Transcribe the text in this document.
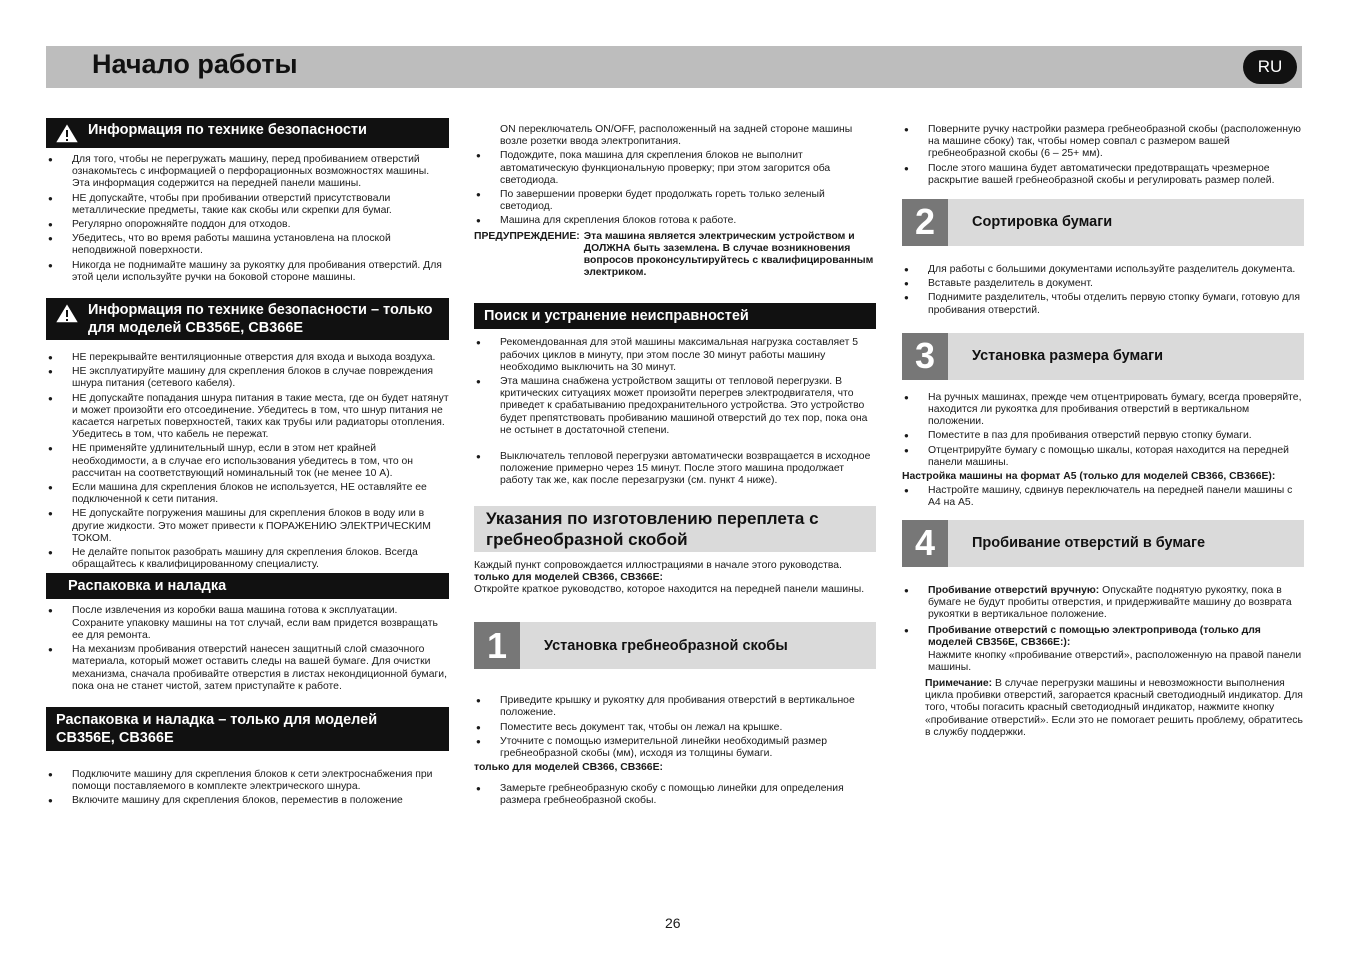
Начало работы	RU
Информация по технике безопасности
● Для того, чтобы не перегружать машину, перед пробиванием отверстий ознакомьтесь с информацией о перфорационных возможностях машины. Эта информация содержится на передней панели машины.
● НЕ допускайте, чтобы при пробивании отверстий присутствовали металлические предметы, такие как скобы или скрепки для бумаг.
● Регулярно опорожняйте поддон для отходов.
● Убедитесь, что во время работы машина установлена на плоской неподвижной поверхности.
● Никогда не поднимайте машину за рукоятку для пробивания отверстий. Для этой цели используйте ручки на боковой стороне машины.
Информация по технике безопасности – только для моделей CB356E, CB366E
● НЕ перекрывайте вентиляционные отверстия для входа и выхода воздуха.
● НЕ эксплуатируйте машину для скрепления блоков в случае повреждения шнура питания (сетевого кабеля).
● НЕ допускайте попадания шнура питания в такие места, где он будет натянут и может произойти его отсоединение. Убедитесь в том, что шнур питания не касается нагретых поверхностей, таких как трубы или радиаторы отопления. Убедитесь в том, что кабель не пережат.
● НЕ применяйте удлинительный шнур, если в этом нет крайней необходимости, а в случае его использования убедитесь в том, что он рассчитан на соответствующий номинальный ток (не менее 10 А).
● Если машина для скрепления блоков не используется, НЕ оставляйте ее подключенной к сети питания.
● НЕ допускайте погружения машины для скрепления блоков в воду или в другие жидкости. Это может привести к ПОРАЖЕНИЮ ЭЛЕКТРИЧЕСКИМ ТОКОМ.
● Не делайте попыток разобрать машину для скрепления блоков. Всегда обращайтесь к квалифицированному специалисту.
Распаковка и наладка
● После извлечения из коробки ваша машина готова к эксплуатации. Сохраните упаковку машины на тот случай, если вам придется возвращать ее для ремонта.
● На механизм пробивания отверстий нанесен защитный слой смазочного материала, который может оставить следы на вашей бумаге. Для очистки механизма, сначала пробивайте отверстия в листах некондиционной бумаги, пока она не станет чистой, затем приступайте к работе.
Распаковка и наладка – только для моделей CB356E, CB366E
● Подключите машину для скрепления блоков к сети электроснабжения при помощи поставляемого в комплекте электрического шнура.
● Включите машину для скрепления блоков, переместив в положение

ON переключатель ON/OFF, расположенный на задней стороне машины возле розетки ввода электропитания.

● Подождите, пока машина для скрепления блоков не выполнит автоматическую функциональную проверку; при этом загорится оба светодиода.
● По завершении проверки будет продолжать гореть только зеленый светодиод.
● Машина для скрепления блоков готова к работе.
ПРЕДУПРЕЖДЕНИЕ: Эта машина является электрическим устройством и ДОЛЖНА быть заземлена. В случае возникновения вопросов проконсультируйтесь с квалифицированным электриком.
Поиск и устранение неисправностей
● Рекомендованная для этой машины максимальная нагрузка составляет 5 рабочих циклов в минуту, при этом после 30 минут работы машину необходимо выключить на 30 минут.
● Эта машина снабжена устройством защиты от тепловой перегрузки. В критических ситуациях может произойти перегрев электродвигателя, что приведет к срабатыванию предохранительного устройства. Это устройство будет препятствовать пробиванию машиной отверстий до тех пор, пока она не остынет в достаточной степени.
● Выключатель тепловой перегрузки автоматически возвращается в исходное положение примерно через 15 минут. После этого машина продолжает работу так же, как после перезагрузки (см. пункт 4 ниже).
Указания по изготовлению переплета с гребнеобразной скобой

Каждый пункт сопровождается иллюстрациями в начале этого руководства.

только для моделей CB366, CB366E:

Откройте краткое руководство, которое находится на передней панели машины.

1	Установка гребнеобразной скобы
● Приведите крышку и рукоятку для пробивания отверстий в вертикальное положение.
● Поместите весь документ так, чтобы он лежал на крышке.
● Уточните с помощью измерительной линейки необходимый размер гребнеобразной скобы (мм), исходя из толщины бумаги.

только для моделей CB366, CB366E:

● Замерьте гребнеобразную скобу с помощью линейки для определения размера гребнеобразной скобы.
● Поверните ручку настройки размера гребнеобразной скобы (расположенную на машине сбоку) так, чтобы номер совпал с размером вашей гребнеобразной скобы (6 – 25+ мм).
● После этого машина будет автоматически предотвращать чрезмерное раскрытие вашей гребнеобразной скобы и регулировать размер полей.
2	Сортировка бумаги
● Для работы с большими документами используйте разделитель документа.
● Вставьте разделитель в документ.
● Поднимите разделитель, чтобы отделить первую стопку бумаги, готовую для пробивания отверстий.
3	Установка размера бумаги
● На ручных машинах, прежде чем отцентрировать бумагу, всегда проверяйте, находится ли рукоятка для пробивания отверстий в вертикальном положении.
● Поместите в паз для пробивания отверстий первую стопку бумаги.
● Отцентрируйте бумагу с помощью шкалы, которая находится на передней панели машины.

Настройка машины на формат А5 (только для моделей CB366, CB366E):

● Настройте машину, сдвинув переключатель на передней панели машины с A4 на A5.
4	Пробивание отверстий в бумаге
● Пробивание отверстий вручную: Опускайте поднятую рукоятку, пока в бумаге не будут пробиты отверстия, и придерживайте машину до возврата рукоятки в вертикальное положение.
● Пробивание отверстий с помощью электропривода (только для моделей CB356E, CB366E:):
Нажмите кнопку «пробивание отверстий», расположенную на правой панели машины.

Примечание: В случае перегрузки машины и невозможности выполнения цикла пробивки отверстий, загорается красный светодиодный индикатор. Для того, чтобы погасить красный светодиодный индикатор, нажмите кнопку «пробивание отверстий». Если это не помогает решить проблему, обратитесь в службу поддержки.

26
